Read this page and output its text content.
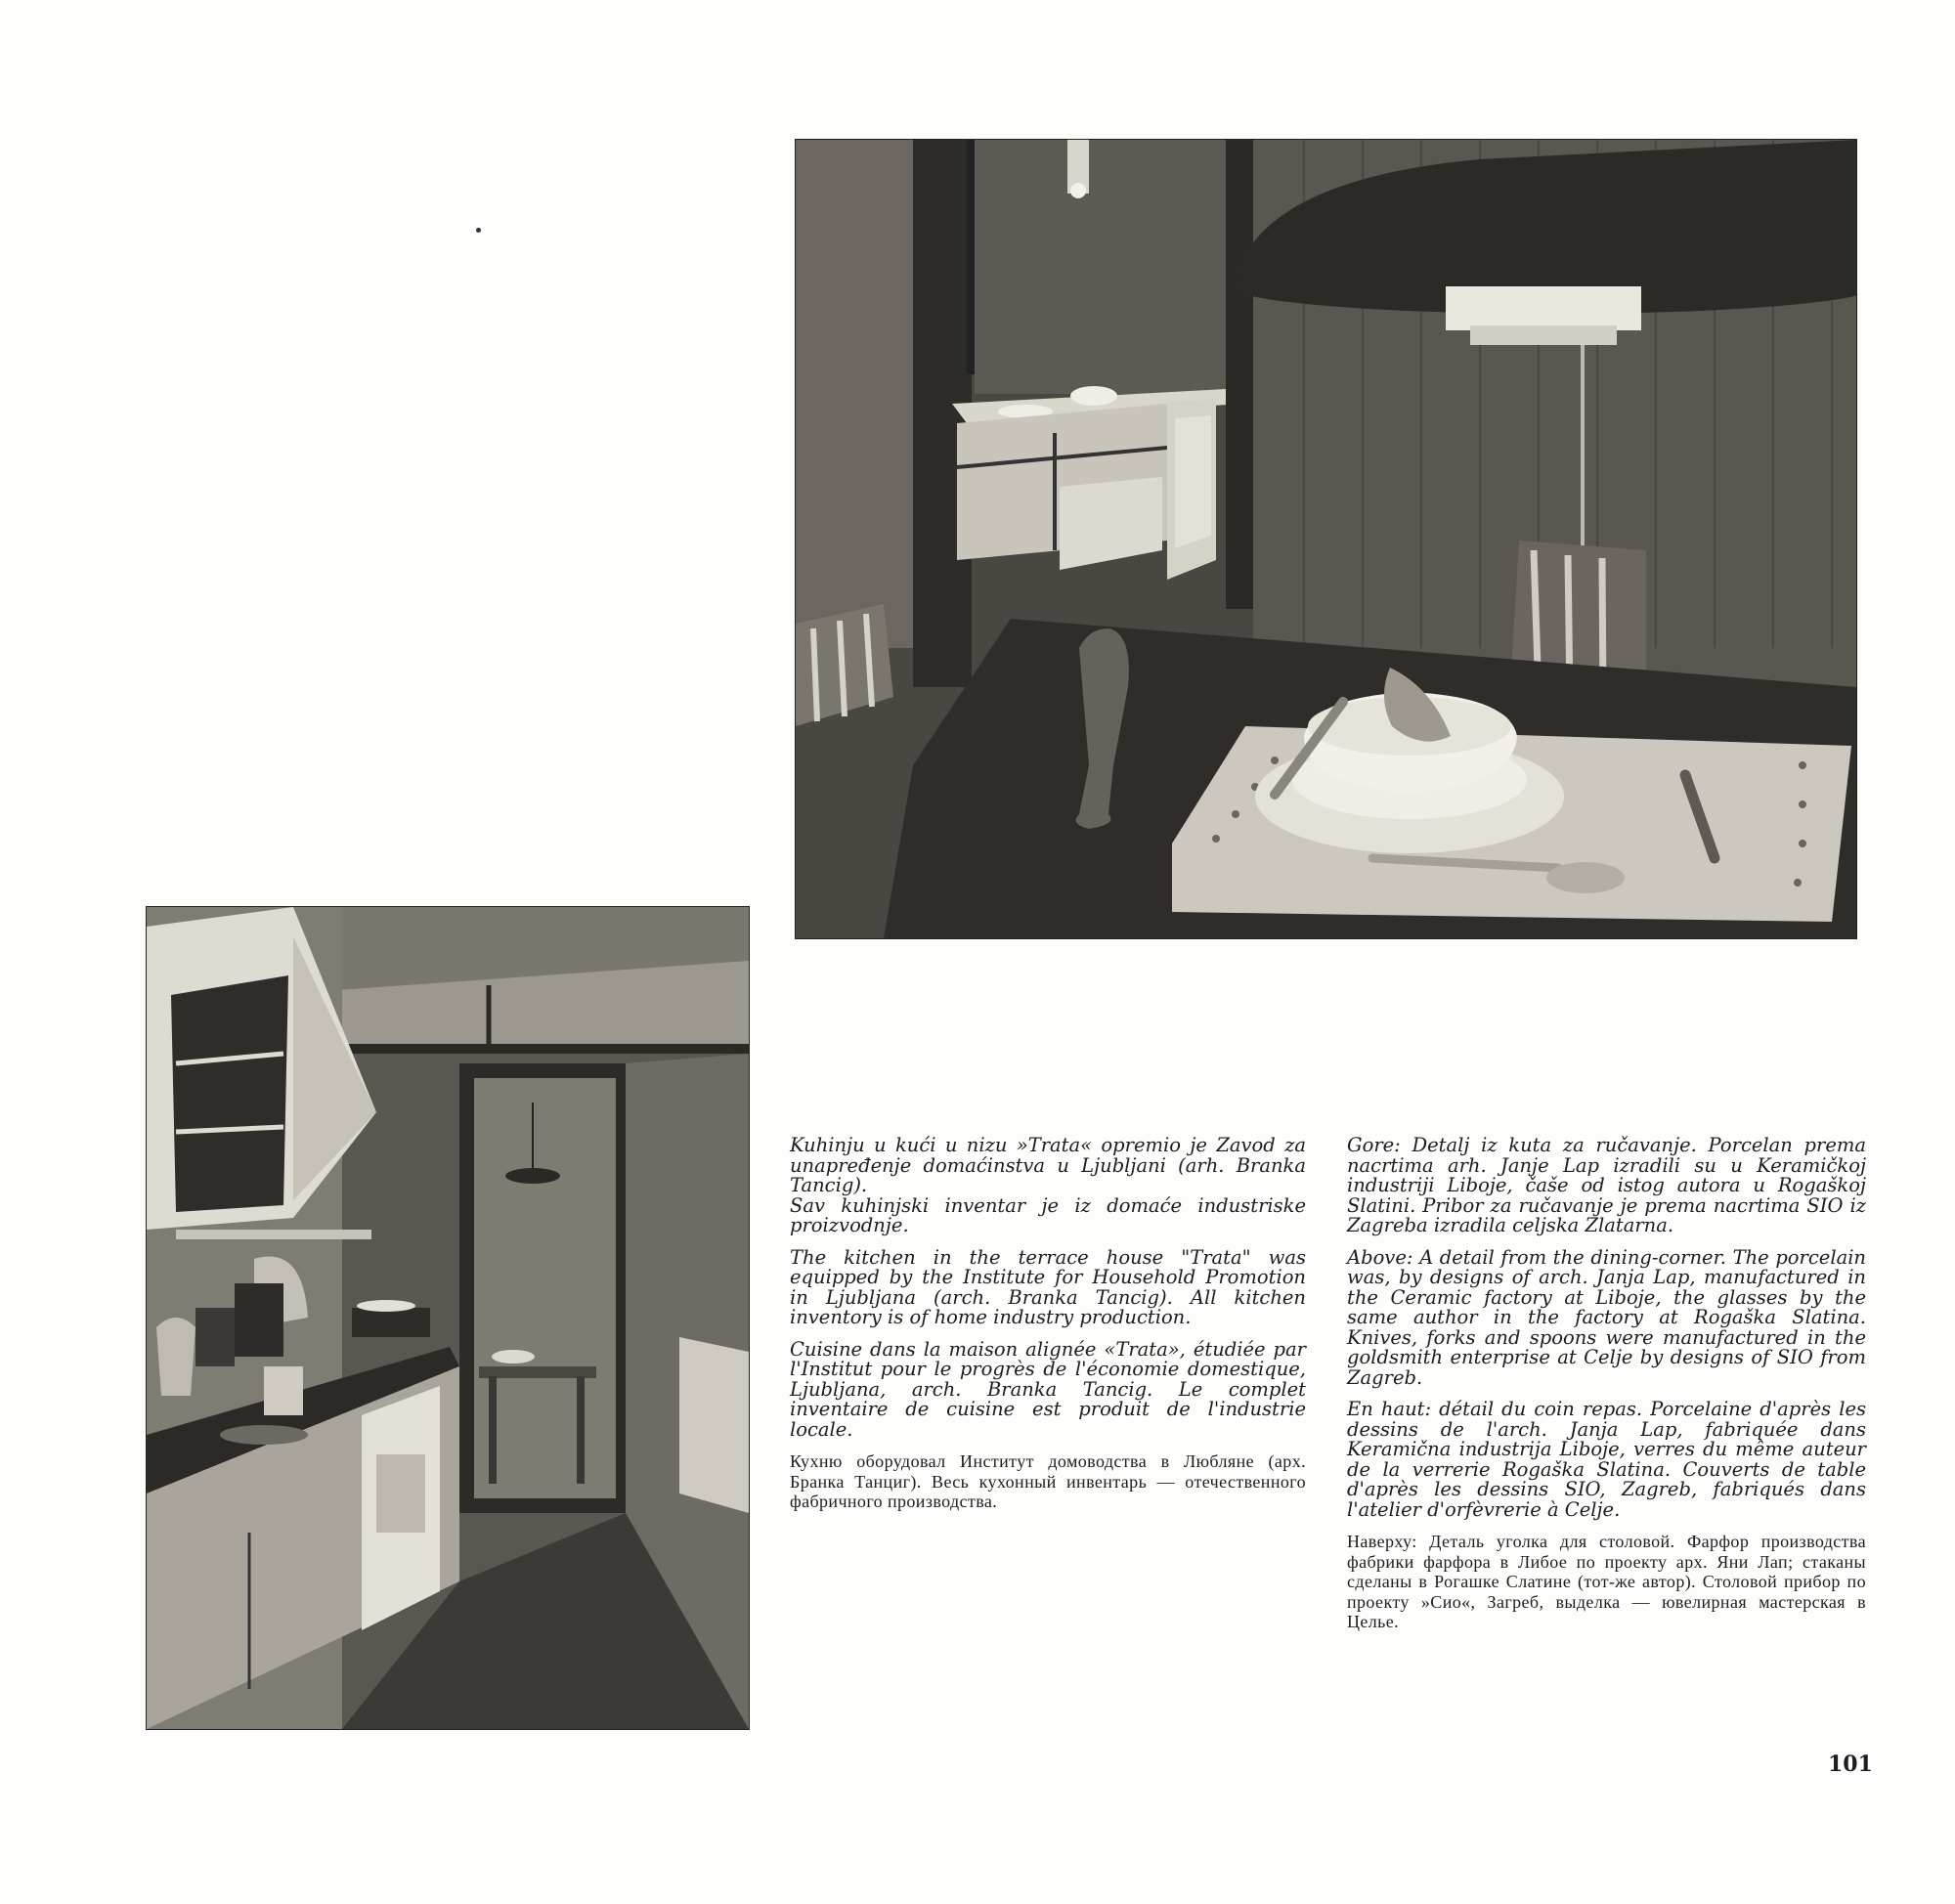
Kuhinju u kući u nizu »Trata« opremio je Zavod za unapređenje domaćinstva u Ljubljani (arh. Branka Tancig).
Sav kuhinjski inventar je iz domaće industriske proizvodnje.

The kitchen in the terrace house "Trata" was equipped by the Institute for Household Promotion in Ljubljana (arch. Branka Tancig). All kitchen inventory is of home industry production.

Cuisine dans la maison alignée «Trata», étudiée par l'Institut pour le progrès de l'économie domestique, Ljubljana, arch. Branka Tancig. Le complet inventaire de cuisine est produit de l'industrie locale.

Кухню оборудовал Институт домоводства в Любляне (арх. Бранка Танциг). Весь кухонный инвентарь — отечественного фабричного производства.

Gore: Detalj iz kuta za ručavanje. Porcelan prema nacrtima arh. Janje Lap izradili su u Keramičkoj industriji Liboje, čaše od istog autora u Rogaškoj Slatini. Pribor za ručavanje je prema nacrtima SIO iz Zagreba izradila celjska Zlatarna.

Above: A detail from the dining-corner. The porcelain was, by designs of arch. Janja Lap, manufactured in the Ceramic factory at Liboje, the glasses by the same author in the factory at Rogaška Slatina. Knives, forks and spoons were manufactured in the goldsmith enterprise at Celje by designs of SIO from Zagreb.

En haut: détail du coin repas. Porcelaine d'après les dessins de l'arch. Janja Lap, fabriquée dans Keramična industrija Liboje, verres du même auteur de la verrerie Rogaška Slatina. Couverts de table d'après les dessins SIO, Zagreb, fabriqués dans l'atelier d'orfèvrerie à Celje.

Наверху: Деталь уголка для столовой. Фарфор производства фабрики фарфора в Либое по проекту арх. Яни Лап; стаканы сделаны в Рогашке Слатине (тот-же автор). Столовой прибор по проекту »Сио«, Загреб, выделка — ювелирная мастерская в Целье.

101
